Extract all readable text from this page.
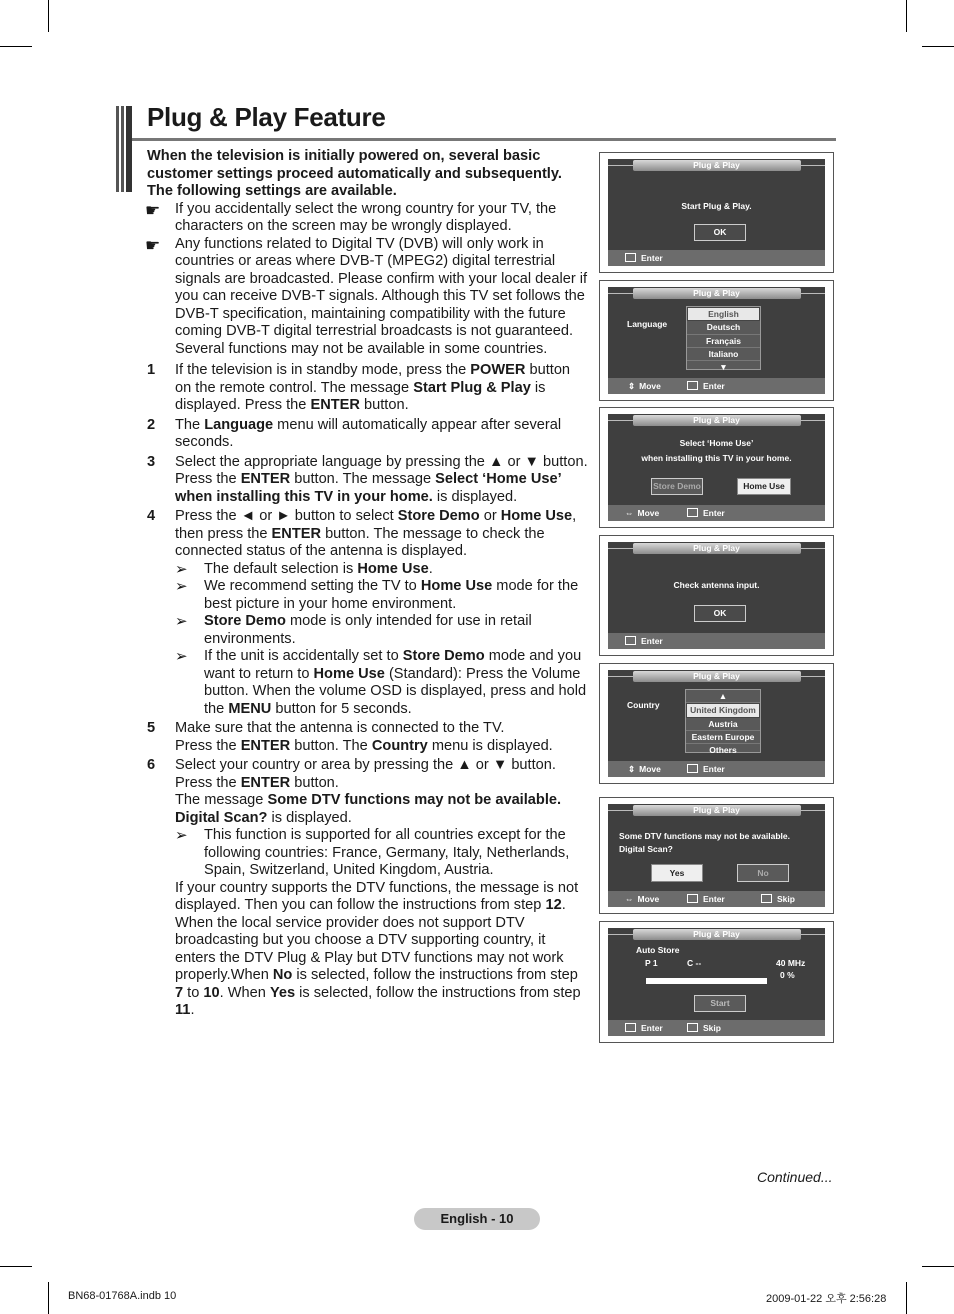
Plug & Play Feature

When the television is initially powered on, several basic customer settings proceed automatically and subsequently. The following settings are available.

☛ If you accidentally select the wrong country for your TV, the characters on the screen may be wrongly displayed.

☛ Any functions related to Digital TV (DVB) will only work in countries or areas where DVB-T (MPEG2) digital terrestrial signals are broadcasted. Please confirm with your local dealer if you can receive DVB-T signals. Although this TV set follows the DVB-T specification, maintaining compatibility with the future coming DVB-T digital terrestrial broadcasts is not guaranteed. Several functions may not be available in some countries.

1 If the television is in standby mode, press the POWER button on the remote control. The message Start Plug & Play is displayed. Press the ENTER button.
2 The Language menu will automatically appear after several seconds.
3 Select the appropriate language by pressing the ▲ or ▼ button.

Press the ENTER button. The message Select ‘Home Use’ when installing this TV in your home. is displayed.

4 Press the ◄ or ► button to select Store Demo or Home Use, then press the ENTER button. The message to check the connected status of the antenna is displayed.

➢ The default selection is Home Use.

➢ We recommend setting the TV to Home Use mode for the best picture in your home environment.

➢ Store Demo mode is only intended for use in retail environments.

➢ If the unit is accidentally set to Store Demo mode and you want to return to Home Use (Standard): Press the Volume button. When the volume OSD is displayed, press and hold the MENU button for 5 seconds.

5 Make sure that the antenna is connected to the TV.

Press the ENTER button. The Country menu is displayed.

6 Select your country or area by pressing the ▲ or ▼ button.

Press the ENTER button.

The message Some DTV functions may not be available. Digital Scan? is displayed.

➢ This function is supported for all countries except for the following countries: France, Germany, Italy, Netherlands, Spain, Switzerland, United Kingdom, Austria.

If your country supports the DTV functions, the message is not displayed. Then you can follow the instructions from step 12. When the local service provider does not support DTV broadcasting but you choose a DTV supporting country, it enters the DTV Plug & Play but DTV functions may not work properly.When No is selected, follow the instructions from step 7 to 10. When Yes is selected, follow the instructions from step 11.

Plug & Play
Start Plug & Play.
OK
Enter
Plug & Play
Language
English
Deutsch
Français
Italiano
▼
⇕ Move	Enter
Plug & Play
Select ‘Home Use’
when installing this TV in your home.
Store Demo	Home Use
⇔ Move	Enter
Plug & Play
Check antenna input.
OK
Enter
Plug & Play
Country
▲
United Kingdom
Austria
Eastern Europe
Others
⇕ Move	Enter
Plug & Play
Some DTV functions may not be available.
Digital Scan?
Yes	No
⇔ Move	Enter	Skip
Plug & Play
Auto Store
P 1	C --	40 MHz
0 %
Start
Enter	Skip
Continued...
English - 10
BN68-01768A.indb 10	2009-01-22 오후 2:56:28
